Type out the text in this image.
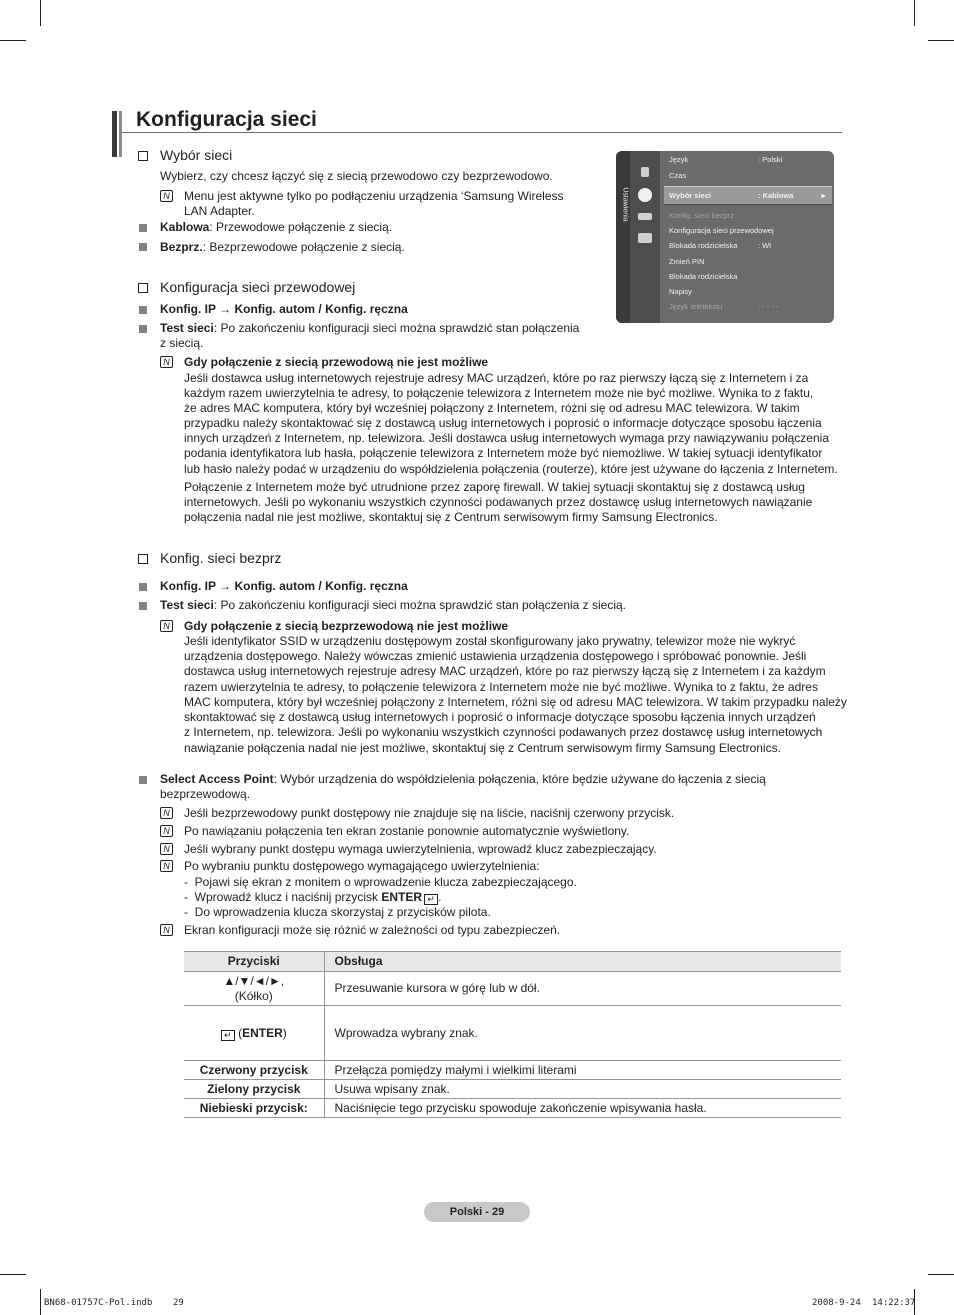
Konfiguracja sieci
Wybór sieci
Wybierz, czy chcesz łączyć się z siecią przewodowo czy bezprzewodowo.
N Menu jest aktywne tylko po podłączeniu urządzenia ‘Samsung Wireless
LAN Adapter.
Kablowa: Przewodowe połączenie z siecią.
Bezprz.: Bezprzewodowe połączenie z siecią.
Ustawienia
Język	: Polski
Czas
Wybór sieci	: Kablowa	►
Konfig. sieci bezprz
Konfiguracja sieci przewodowej
Blokada rodzicielska	: Wł
Zmień PIN
Blokada rodzicielska
Napisy
Język teletekstu	: - - - -
Konfiguracja sieci przewodowej
Konfig. IP → Konfig. autom / Konfig. ręczna
Test sieci: Po zakończeniu konfiguracji sieci można sprawdzić stan połączenia
z siecią.
N Gdy połączenie z siecią przewodową nie jest możliwe
Jeśli dostawca usług internetowych rejestruje adresy MAC urządzeń, które po raz pierwszy łączą się z Internetem i za
każdym razem uwierzytelnia te adresy, to połączenie telewizora z Internetem może nie być możliwe. Wynika to z faktu,
że adres MAC komputera, który był wcześniej połączony z Internetem, różni się od adresu MAC telewizora. W takim
przypadku należy skontaktować się z dostawcą usług internetowych i poprosić o informacje dotyczące sposobu łączenia
innych urządzeń z Internetem, np. telewizora. Jeśli dostawca usług internetowych wymaga przy nawiązywaniu połączenia
podania identyfikatora lub hasła, połączenie telewizora z Internetem może być niemożliwe. W takiej sytuacji identyfikator
lub hasło należy podać w urządzeniu do współdzielenia połączenia (routerze), które jest używane do łączenia z Internetem.
Połączenie z Internetem może być utrudnione przez zaporę firewall. W takiej sytuacji skontaktuj się z dostawcą usług
internetowych. Jeśli po wykonaniu wszystkich czynności podawanych przez dostawcę usług internetowych nawiązanie
połączenia nadal nie jest możliwe, skontaktuj się z Centrum serwisowym firmy Samsung Electronics.
Konfig. sieci bezprz
Konfig. IP → Konfig. autom / Konfig. ręczna
Test sieci: Po zakończeniu konfiguracji sieci można sprawdzić stan połączenia z siecią.
N Gdy połączenie z siecią bezprzewodową nie jest możliwe
Jeśli identyfikator SSID w urządzeniu dostępowym został skonfigurowany jako prywatny, telewizor może nie wykryć
urządzenia dostępowego. Należy wówczas zmienić ustawienia urządzenia dostępowego i spróbować ponownie. Jeśli
dostawca usług internetowych rejestruje adresy MAC urządzeń, które po raz pierwszy łączą się z Internetem i za każdym
razem uwierzytelnia te adresy, to połączenie telewizora z Internetem może nie być możliwe. Wynika to z faktu, że adres
MAC komputera, który był wcześniej połączony z Internetem, różni się od adresu MAC telewizora. W takim przypadku należy
skontaktować się z dostawcą usług internetowych i poprosić o informacje dotyczące sposobu łączenia innych urządzeń
z Internetem, np. telewizora. Jeśli po wykonaniu wszystkich czynności podawanych przez dostawcę usług internetowych
nawiązanie połączenia nadal nie jest możliwe, skontaktuj się z Centrum serwisowym firmy Samsung Electronics.
Select Access Point: Wybór urządzenia do współdzielenia połączenia, które będzie używane do łączenia z siecią
bezprzewodową.
N Jeśli bezprzewodowy punkt dostępowy nie znajduje się na liście, naciśnij czerwony przycisk.
N Po nawiązaniu połączenia ten ekran zostanie ponownie automatycznie wyświetlony.
N Jeśli wybrany punkt dostępu wymaga uwierzytelnienia, wprowadź klucz zabezpieczający.
N Po wybraniu punktu dostępowego wymagającego uwierzytelnienia:
-  Pojawi się ekran z monitem o wprowadzenie klucza zabezpieczającego.
-  Wprowadź klucz i naciśnij przycisk ENTER ↵ .
-  Do wprowadzenia klucza skorzystaj z przycisków pilota.
N Ekran konfiguracji może się różnić w zależności od typu zabezpieczeń.
Przyciski	Obsługa
▲/▼/◄/►,
(Kółko)	Przesuwanie kursora w górę lub w dół.
↵ (ENTER)	Wprowadza wybrany znak.
Czerwony przycisk	Przełącza pomiędzy małymi i wielkimi literami
Zielony przycisk	Usuwa wpisany znak.
Niebieski przycisk:	Naciśnięcie tego przycisku spowoduje zakończenie wpisywania hasła.
Polski - 29
BN68-01757C-Pol.indb 29	2008-9-24 14:22:37
